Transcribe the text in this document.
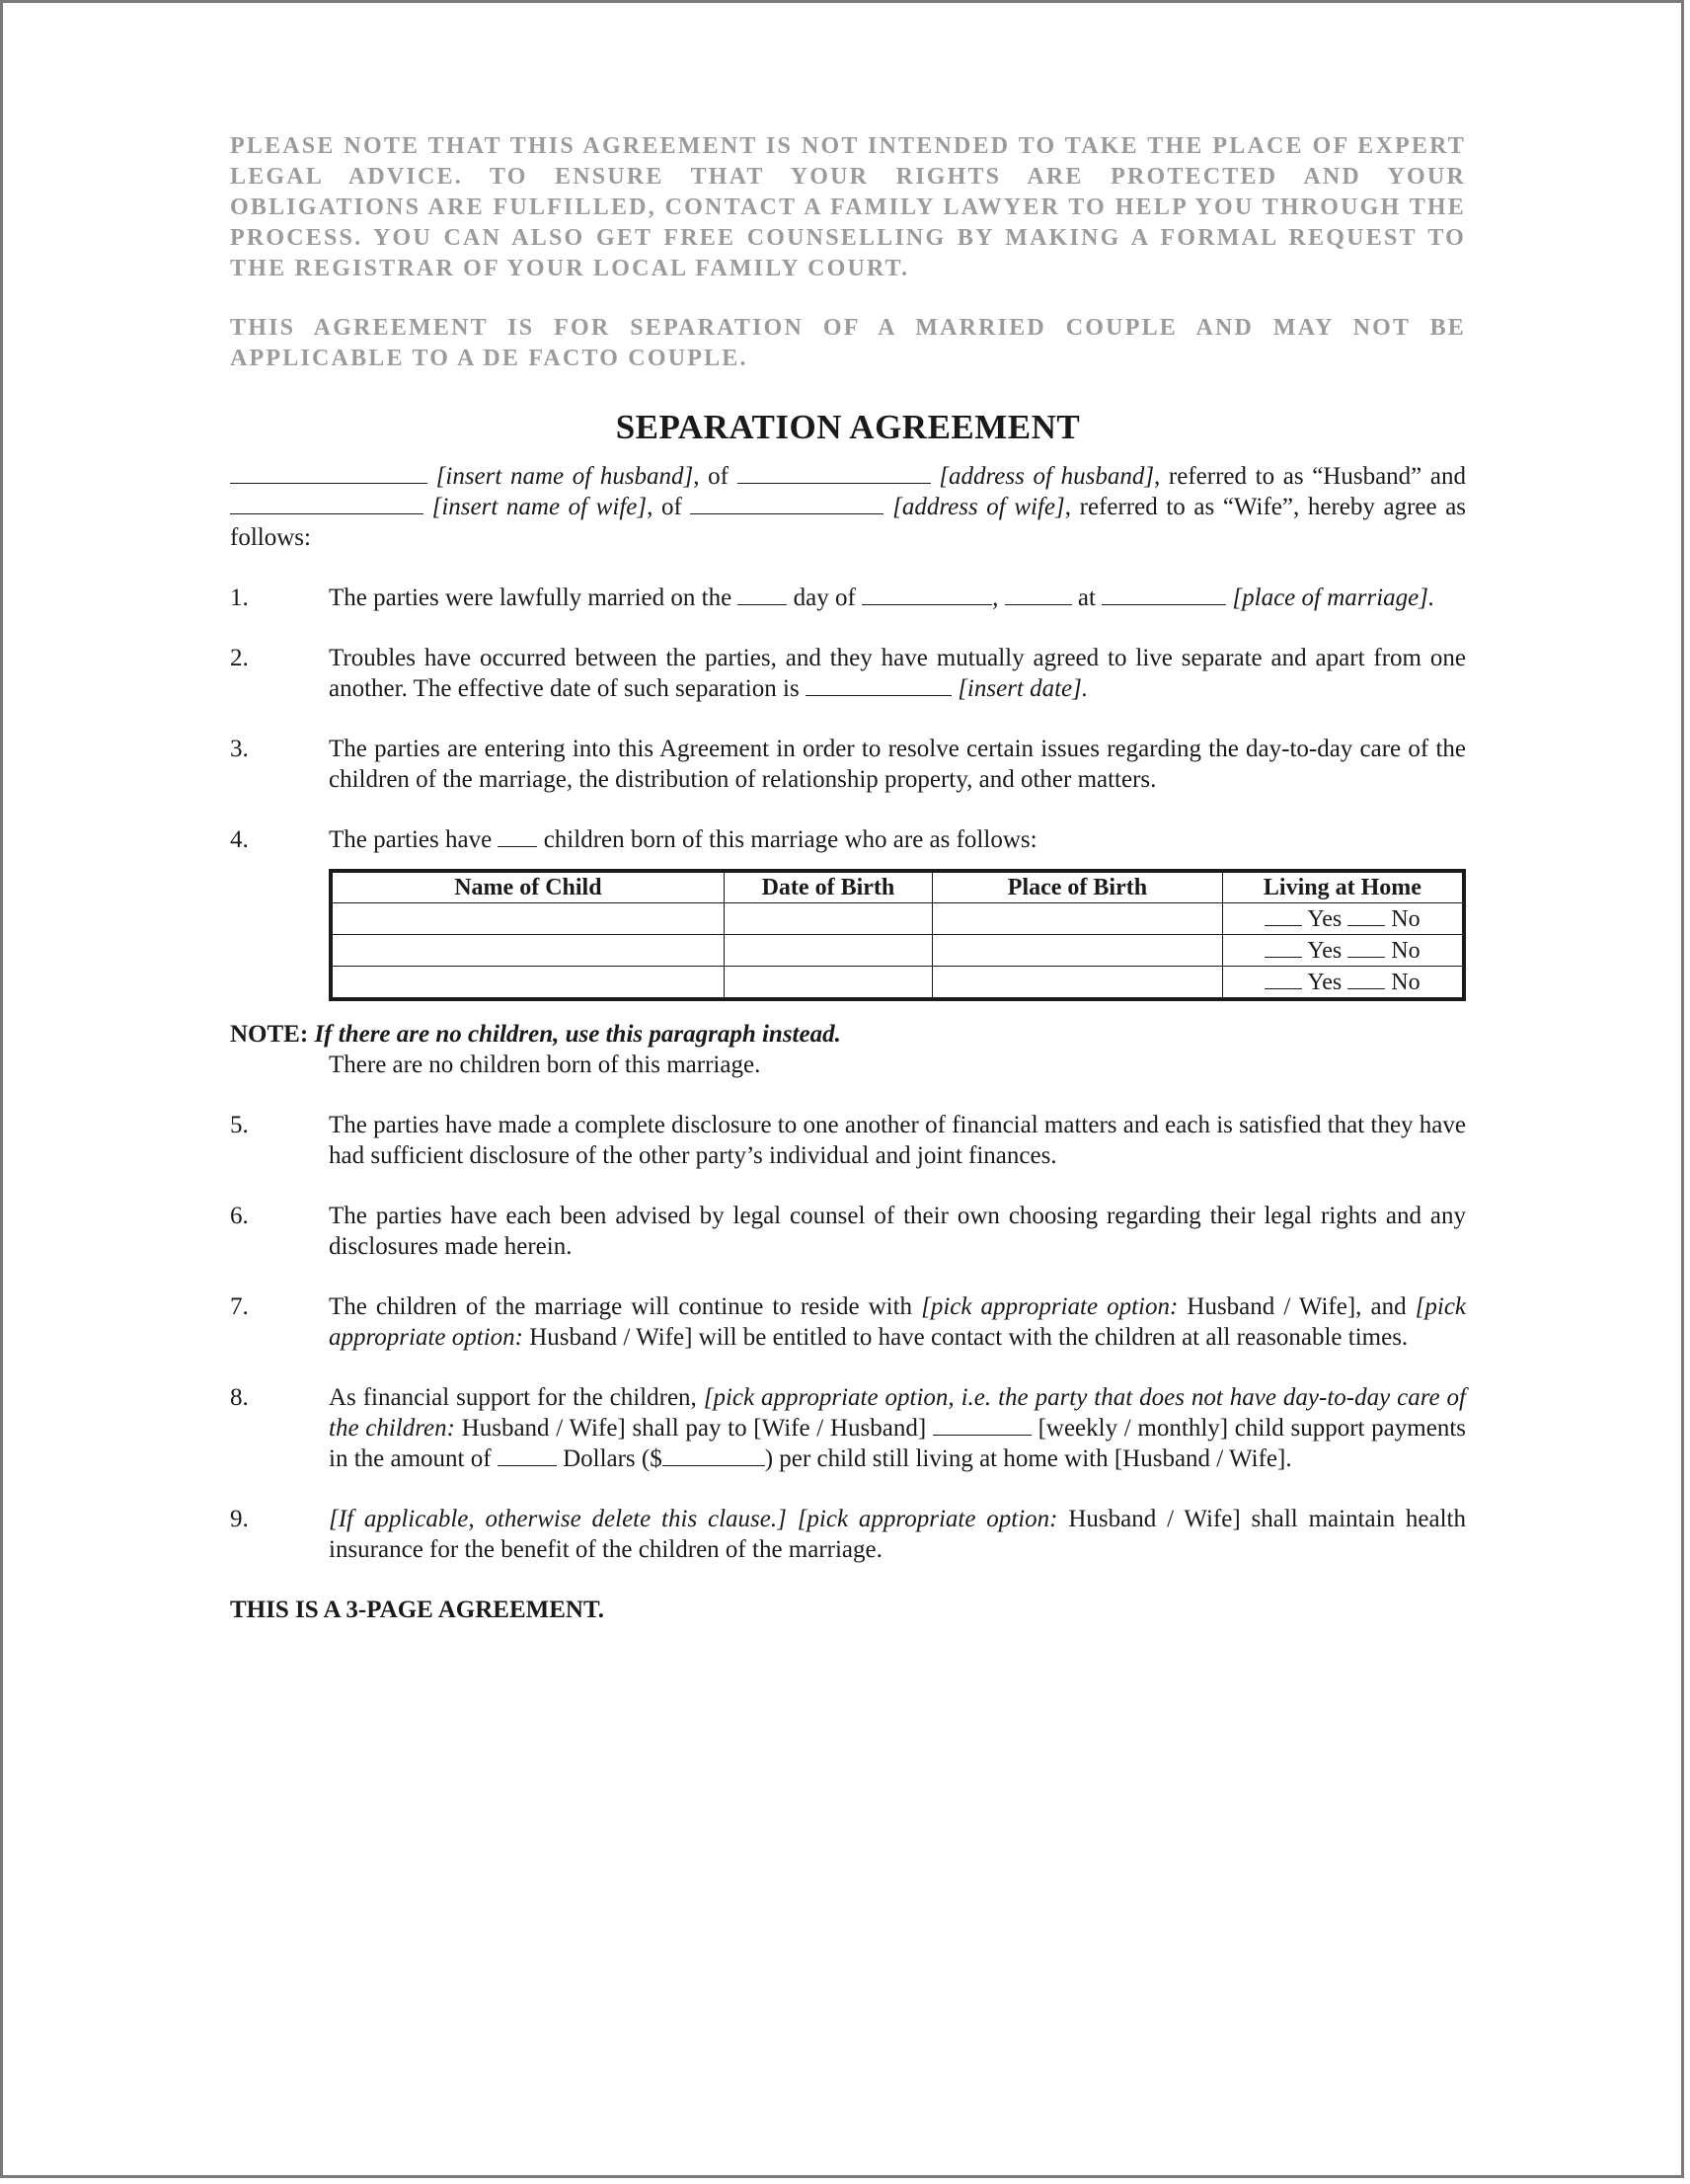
PLEASE NOTE THAT THIS AGREEMENT IS NOT INTENDED TO TAKE THE PLACE OF EXPERT LEGAL ADVICE. TO ENSURE THAT YOUR RIGHTS ARE PROTECTED AND YOUR OBLIGATIONS ARE FULFILLED, CONTACT A FAMILY LAWYER TO HELP YOU THROUGH THE PROCESS. YOU CAN ALSO GET FREE COUNSELLING BY MAKING A FORMAL REQUEST TO THE REGISTRAR OF YOUR LOCAL FAMILY COURT.

THIS AGREEMENT IS FOR SEPARATION OF A MARRIED COUPLE AND MAY NOT BE APPLICABLE TO A DE FACTO COUPLE.

SEPARATION AGREEMENT

[insert name of husband], of	[address of husband], referred to as “Husband” and  [insert name of wife], of	[address of wife], referred to as “Wife”, hereby agree as follows:

1.	The parties were lawfully married on the	day of	,	at	[place of marriage].
2.	Troubles have occurred between the parties, and they have mutually agreed to live separate and apart from one another. The effective date of such separation is	[insert date].
3.	The parties are entering into this Agreement in order to resolve certain issues regarding the day-to-day care of the children of the marriage, the distribution of relationship property, and other matters.
4.	The parties have children born of this marriage who are as follows:
Name of Child	Date of Birth	Place of Birth	Living at Home
			Yes No
			Yes No
			Yes No
NOTE: If there are no children, use this paragraph instead.
There are no children born of this marriage.
5.	The parties have made a complete disclosure to one another of financial matters and each is satisfied that they have had sufficient disclosure of the other party’s individual and joint finances.
6.	The parties have each been advised by legal counsel of their own choosing regarding their legal rights and any disclosures made herein.
7.	The children of the marriage will continue to reside with [pick appropriate option: Husband / Wife], and [pick appropriate option: Husband / Wife] will be entitled to have contact with the children at all reasonable times.
8.	As financial support for the children, [pick appropriate option, i.e. the party that does not have day-to-day care of the children: Husband / Wife] shall pay to [Wife / Husband]	[weekly / monthly] child support payments in the amount of	Dollars ($	) per child still living at home with [Husband / Wife].
9.	[If applicable, otherwise delete this clause.] [pick appropriate option: Husband / Wife] shall maintain health insurance for the benefit of the children of the marriage.
THIS IS A 3-PAGE AGREEMENT.
